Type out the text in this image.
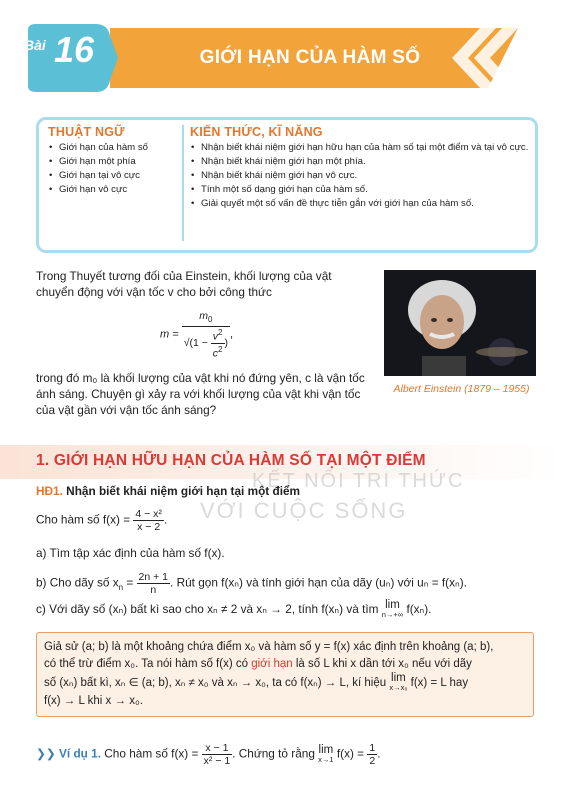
Bài 16	GIỚI HẠN CỦA HÀM SỐ
THUẬT NGỮ
• Giới hạn của hàm số
• Giới hạn một phía
• Giới hạn tại vô cực
• Giới hạn vô cực
KIẾN THỨC, KĨ NĂNG
• Nhận biết khái niệm giới hạn hữu hạn của hàm số tại một điểm và tại vô cực.
• Nhận biết khái niệm giới hạn một phía.
• Nhận biết khái niệm giới hạn vô cực.
• Tính một số dạng giới hạn của hàm số.
• Giải quyết một số vấn đề thực tiễn gắn với giới hạn của hàm số.
Trong Thuyết tương đối của Einstein, khối lượng của vật chuyển động với vận tốc v cho bởi công thức
$m = \frac{m_0}{√(1 - \frac{v^2}{c^2} )}$ ,
trong đó m₀ là khối lượng của vật khi nó đứng yên, c là vận tốc ánh sáng. Chuyện gì xảy ra với khối lượng của vật khi vận tốc của vật gần với vận tốc ánh sáng?
Albert Einstein (1879 – 1955)
1. GIỚI HẠN HỮU HẠN CỦA HÀM SỐ TẠI MỘT ĐIỂM
KẾT NỐI TRI THỨC
VỚI CUỘC SỐNG
HĐ1. Nhận biết khái niệm giới hạn tại một điểm
Cho hàm số $f(x) = \frac{\text{4 − x²}}{x - 2}$ .
a) Tìm tập xác định của hàm số f(x).
b) Cho dãy số $x_n = \frac{2n + 1}{n}$ . Rút gọn f(xₙ) và tính giới hạn của dãy (uₙ) với uₙ = f(xₙ).
c) Với dãy số (xₙ) bất kì sao cho xₙ ≠ 2 và xₙ → 2, tính f(xₙ) và tìm lim
n→+∞ f(xₙ).
Giả sử (a; b) là một khoảng chứa điểm x₀ và hàm số y = f(x) xác định trên khoảng (a; b),
có thể trừ điểm x₀. Ta nói hàm số f(x) có giới hạn là số L khi x dần tới x₀ nếu với dãy
số (xₙ) bất kì, xₙ ∈ (a; b), xₙ ≠ x₀ và xₙ → x₀, ta có f(xₙ) → L, kí hiệu lim
x→x₀ f(x) = L hay
f(x) → L khi x → x₀.
❯❯ Ví dụ 1. Cho hàm số $f(x) = \frac{x - 1}{\text{x² − 1}}$ . Chứng tỏ rằng lim
x→1 $f(x) = \frac{1}{2}$ .
